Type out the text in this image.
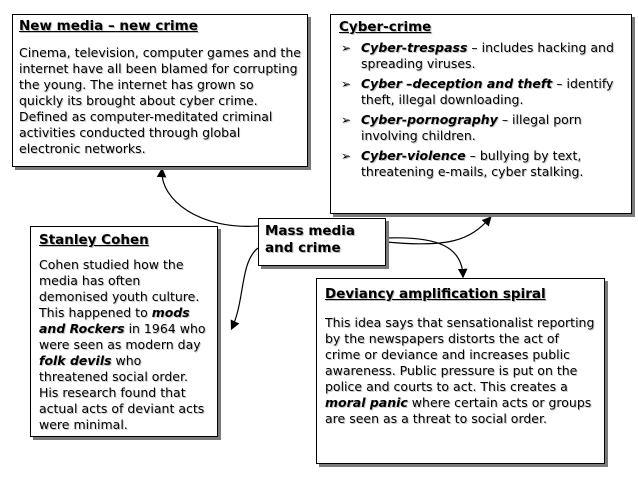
New media – new crime
Cinema, television, computer games and the internet have all been blamed for corrupting the young. The internet has grown so quickly its brought about cyber crime. Defined as computer-meditated criminal activities conducted through global electronic networks.
Cyber-crime
➢ Cyber-trespass – includes hacking and spreading viruses.
➢ Cyber –deception and theft – identify theft, illegal downloading.
➢ Cyber-pornography – illegal porn involving children.
➢ Cyber-violence – bullying by text, threatening e-mails, cyber stalking.
Stanley Cohen
Cohen studied how the media has often demonised youth culture. This happened to mods and Rockers in 1964 who were seen as modern day folk devils who threatened social order. His research found that actual acts of deviant acts were minimal.
Mass media and crime
Deviancy amplification spiral
This idea says that sensationalist reporting by the newspapers distorts the act of crime or deviance and increases public awareness. Public pressure is put on the police and courts to act. This creates a moral panic where certain acts or groups are seen as a threat to social order.
